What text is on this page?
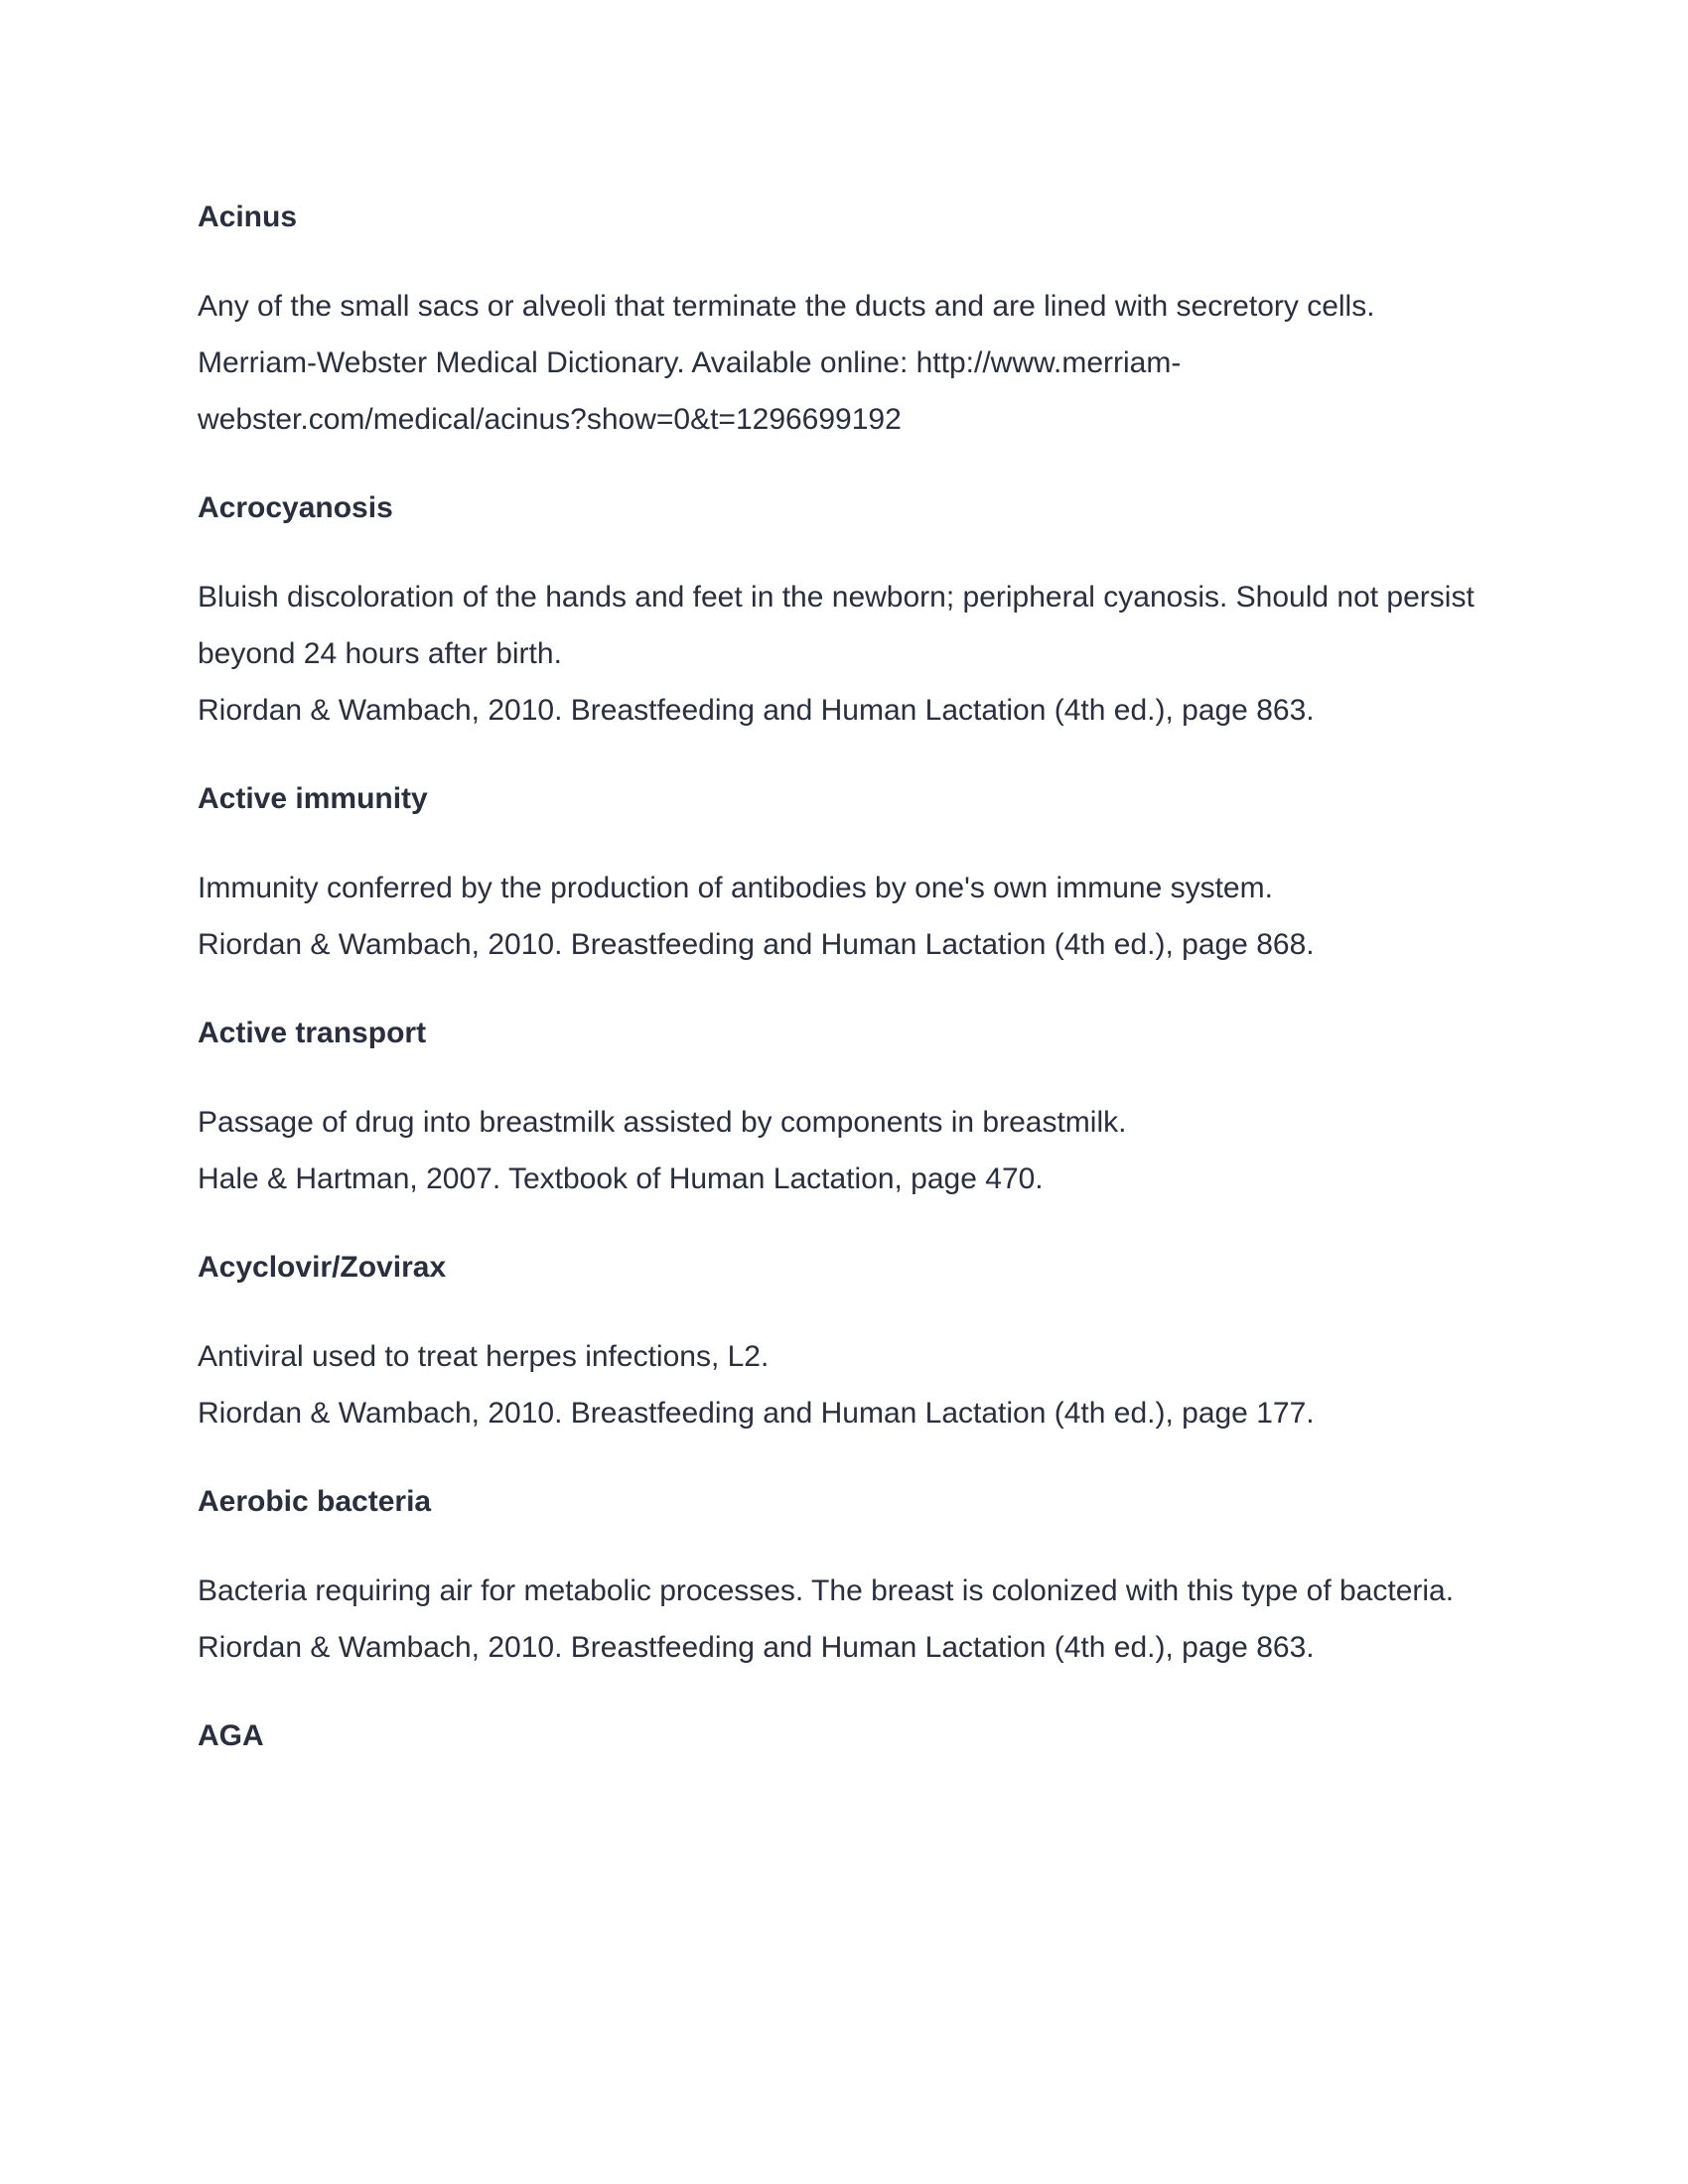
Acinus

Any of the small sacs or alveoli that terminate the ducts and are lined with secretory cells.

Merriam-Webster Medical Dictionary. Available online: http://www.merriam-webster.com/medical/acinus?show=0&t=1296699192

Acrocyanosis

Bluish discoloration of the hands and feet in the newborn; peripheral cyanosis. Should not persist beyond 24 hours after birth.

Riordan & Wambach, 2010. Breastfeeding and Human Lactation (4th ed.), page 863.

Active immunity

Immunity conferred by the production of antibodies by one's own immune system.

Riordan & Wambach, 2010. Breastfeeding and Human Lactation (4th ed.), page 868.

Active transport

Passage of drug into breastmilk assisted by components in breastmilk.

Hale & Hartman, 2007. Textbook of Human Lactation, page 470.

Acyclovir/Zovirax

Antiviral used to treat herpes infections, L2.

Riordan & Wambach, 2010. Breastfeeding and Human Lactation (4th ed.), page 177.

Aerobic bacteria

Bacteria requiring air for metabolic processes. The breast is colonized with this type of bacteria.

Riordan & Wambach, 2010. Breastfeeding and Human Lactation (4th ed.), page 863.

AGA
